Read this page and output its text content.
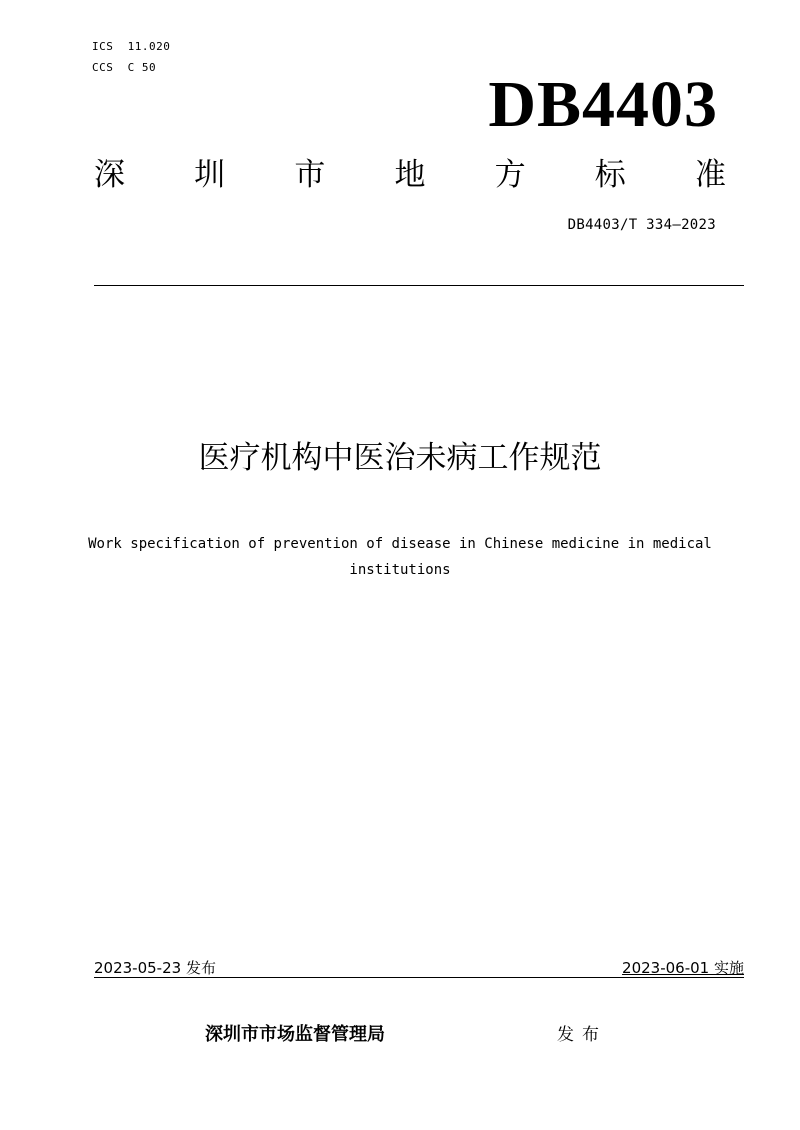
ICS  11.020
CCS  C 50
DB4403
深 圳 市 地 方 标 准
DB4403/T 334—2023
医疗机构中医治未病工作规范
Work specification of prevention of disease in Chinese medicine in medical institutions
2023-05-23 发布	2023-06-01 实施
深圳市市场监督管理局	发布
